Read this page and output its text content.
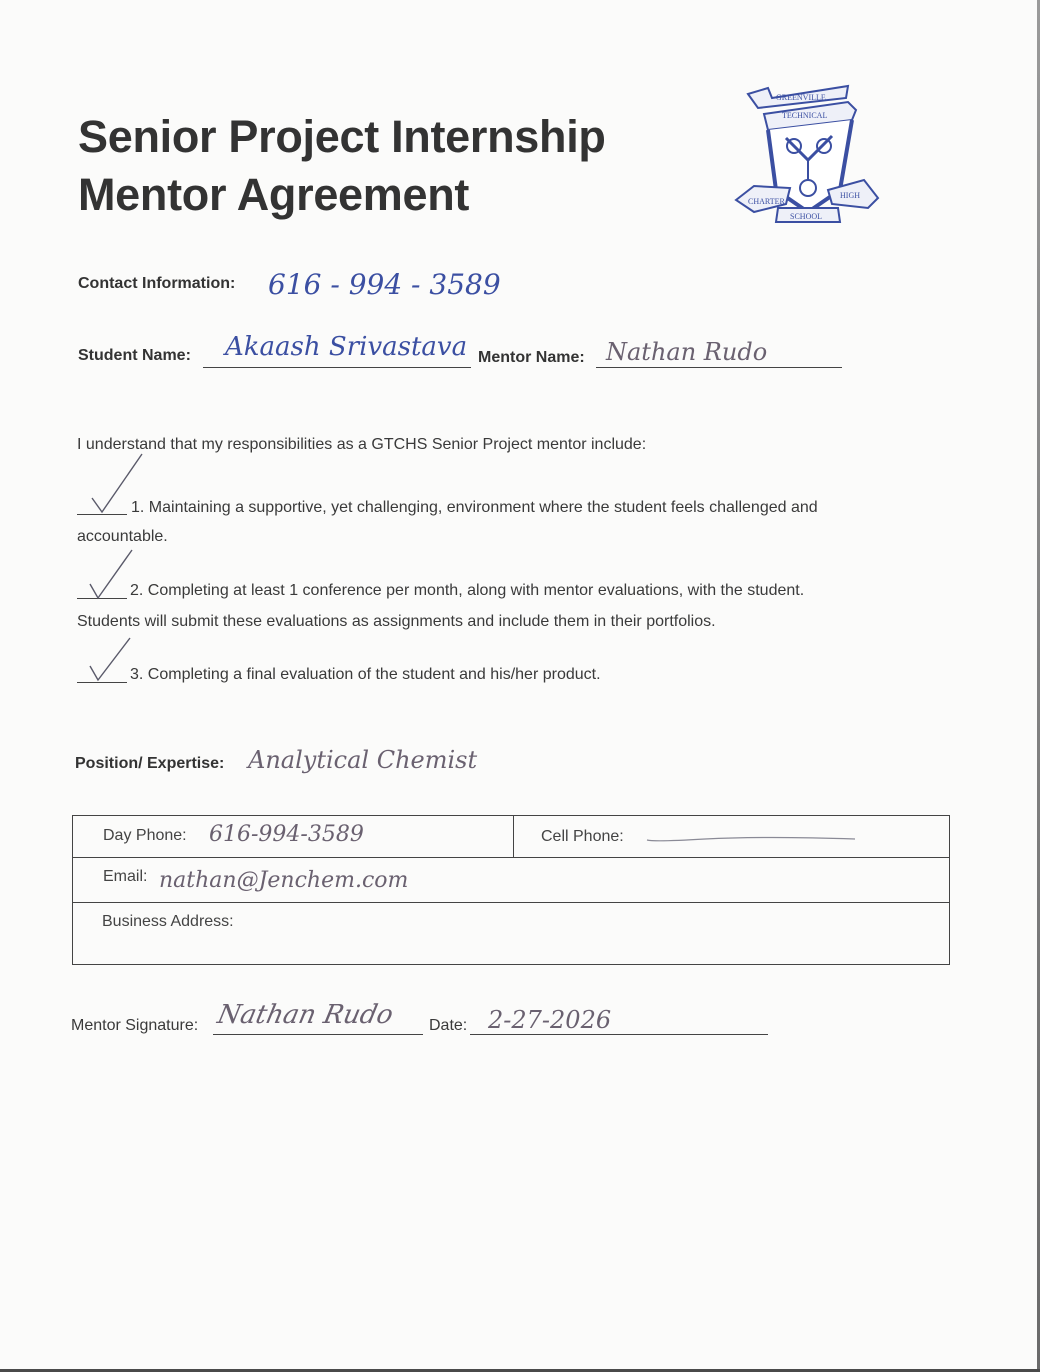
Senior Project Internship
Mentor Agreement
GREENVILLE
TECHNICAL
CHARTER
HIGH
SCHOOL
Contact Information: 616 - 994 - 3589
Student Name: Akaash Srivastava Mentor Name: Nathan Rudo
I understand that my responsibilities as a GTCHS Senior Project mentor include:
1. Maintaining a supportive, yet challenging, environment where the student feels challenged and
accountable.
2. Completing at least 1 conference per month, along with mentor evaluations, with the student.
Students will submit these evaluations as assignments and include them in their portfolios.
3. Completing a final evaluation of the student and his/her product.
Position/ Expertise: Analytical Chemist
Day Phone: 616-994-3589	Cell Phone:
Email: nathan@Jenchem.com
Business Address:
Mentor Signature: Nathan Rudo Date: 2-27-2026
